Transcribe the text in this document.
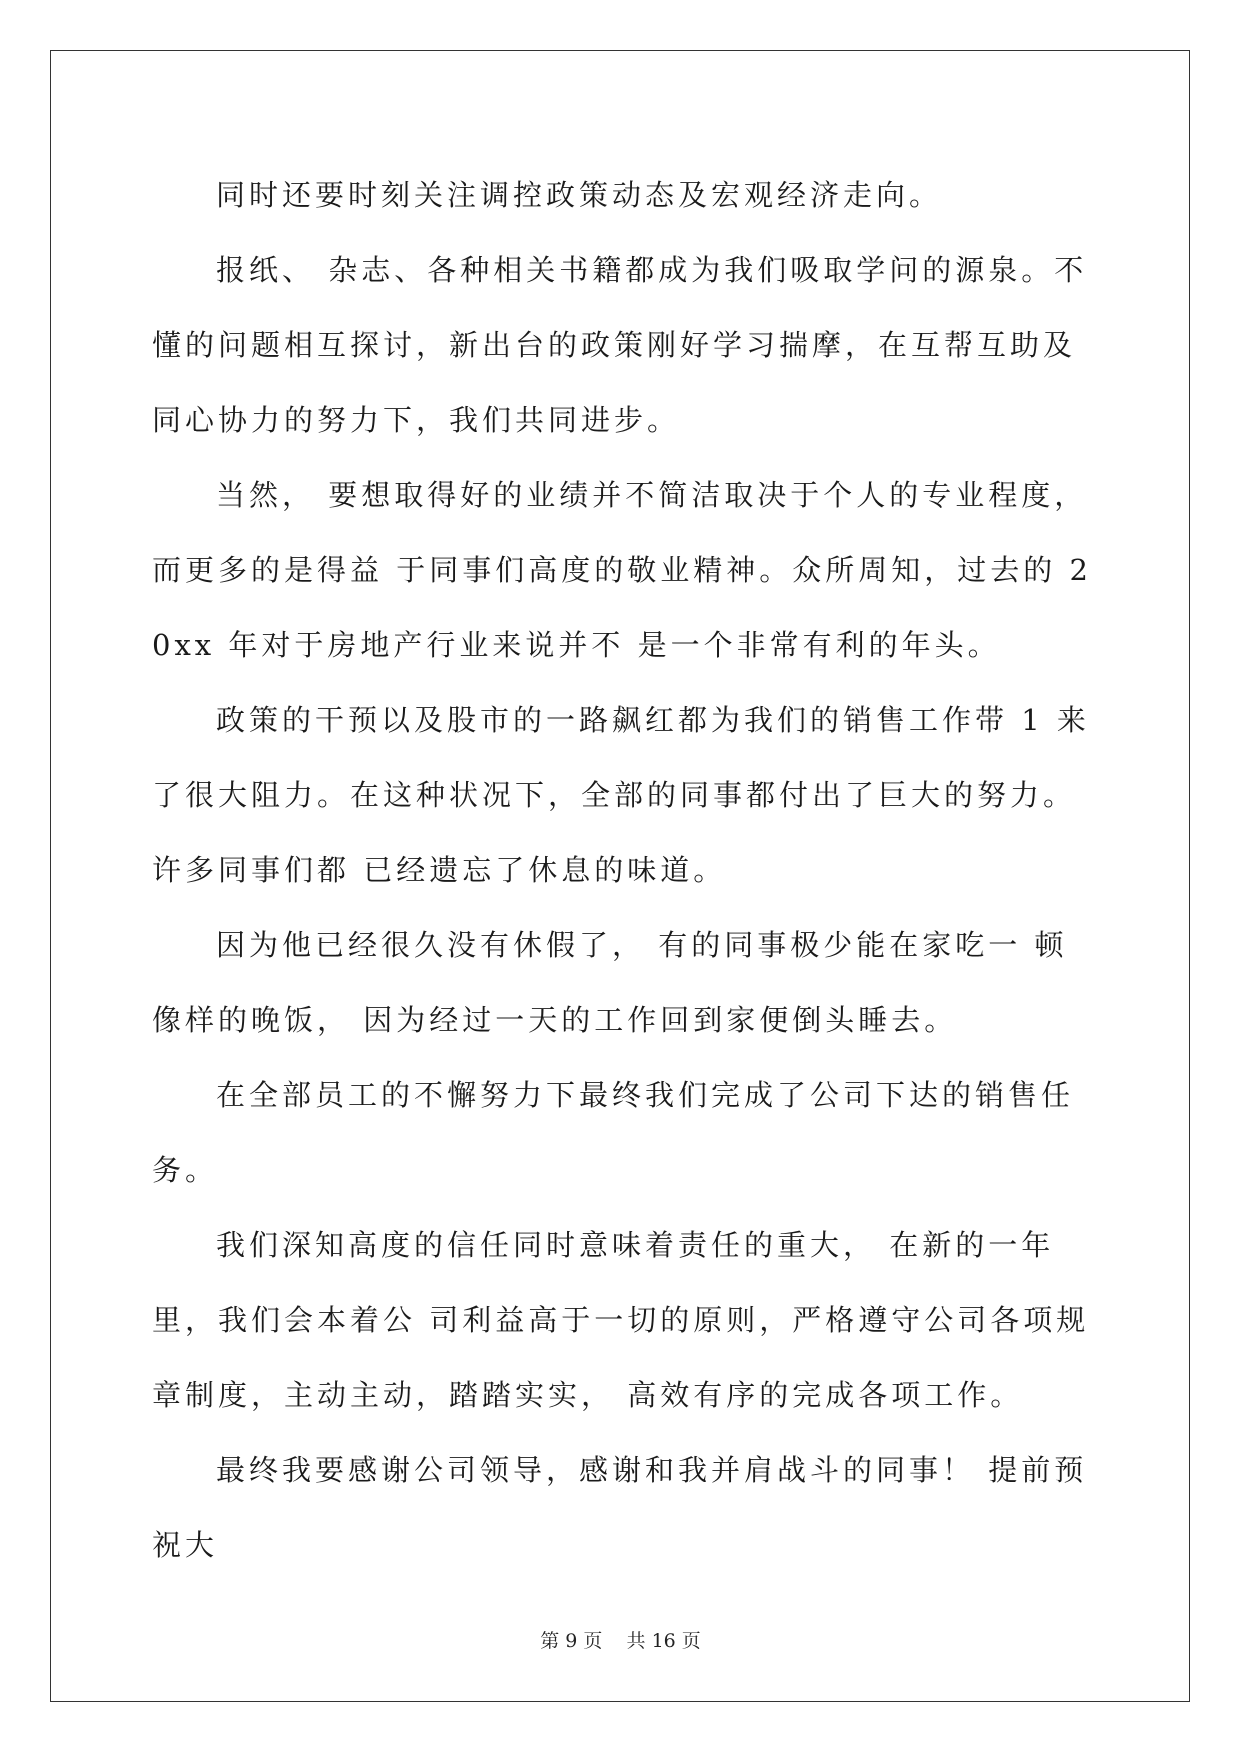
同时还要时刻关注调控政策动态及宏观经济走向。

报纸、 杂志、各种相关书籍都成为我们吸取学问的源泉。不懂的问题相互探讨，新出台的政策刚好学习揣摩，在互帮互助及同心协力的努力下，我们共同进步。

当然， 要想取得好的业绩并不简洁取决于个人的专业程度，而更多的是得益 于同事们高度的敬业精神。众所周知，过去的 20xx 年对于房地产行业来说并不 是一个非常有利的年头。

政策的干预以及股市的一路飙红都为我们的销售工作带 1 来了很大阻力。在这种状况下，全部的同事都付出了巨大的努力。许多同事们都 已经遗忘了休息的味道。

因为他已经很久没有休假了， 有的同事极少能在家吃一 顿像样的晚饭， 因为经过一天的工作回到家便倒头睡去。

在全部员工的不懈努力下最终我们完成了公司下达的销售任务。

我们深知高度的信任同时意味着责任的重大， 在新的一年里，我们会本着公 司利益高于一切的原则，严格遵守公司各项规章制度，主动主动，踏踏实实， 高效有序的完成各项工作。

最终我要感谢公司领导，感谢和我并肩战斗的同事！ 提前预祝大

第 9 页 共 16 页
